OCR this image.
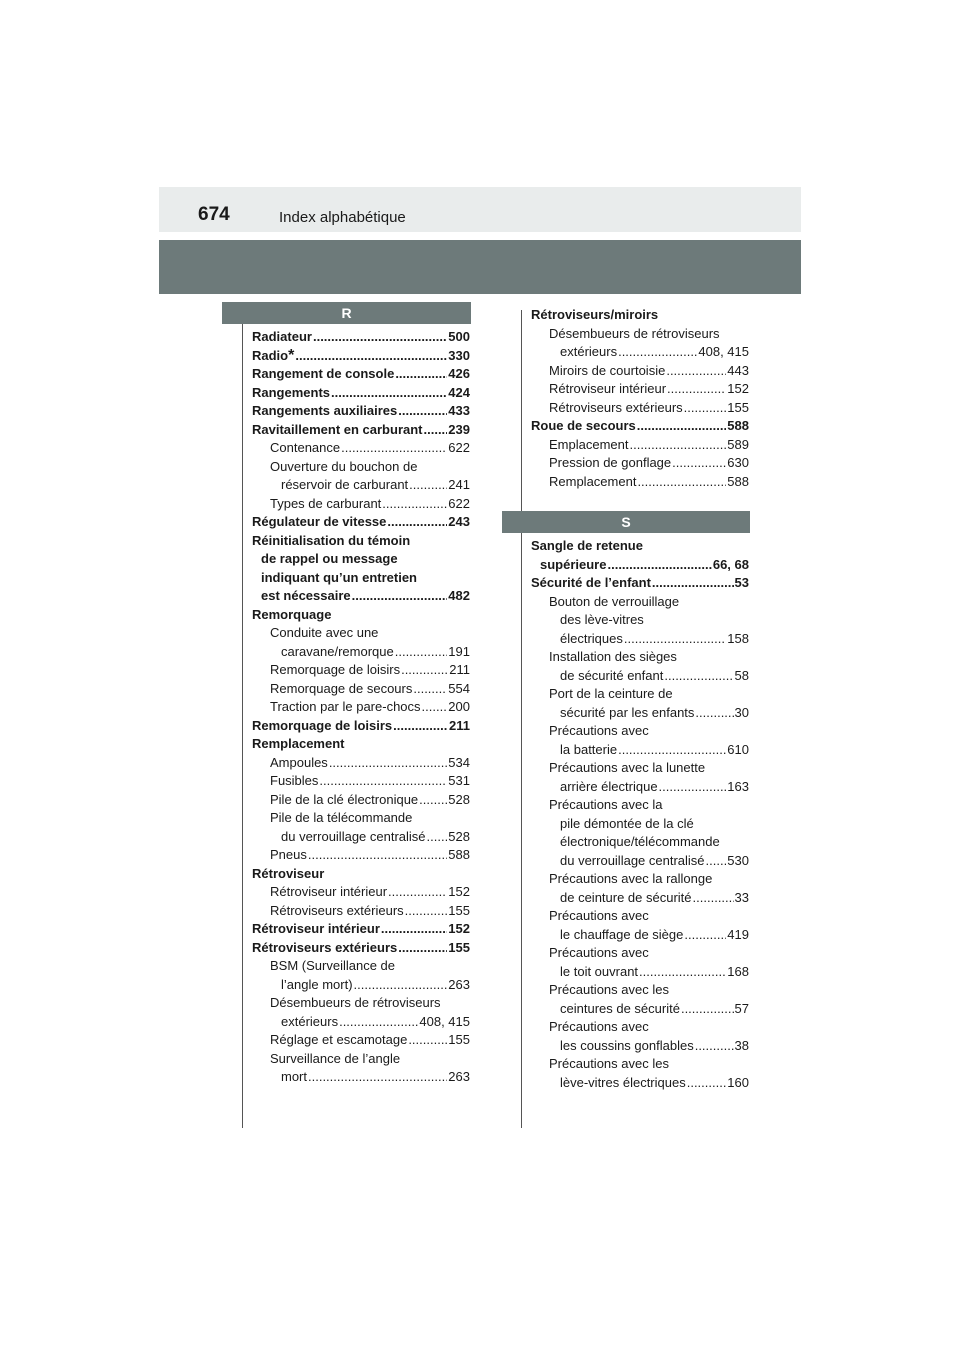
674	Index alphabétique
R
S
Radiateur .....	500
Radio * .....	330
Rangement de console .....	426
Rangements .....	424
Rangements auxiliaires .....	433
Ravitaillement en carburant ..... 239
Contenance .....	622
Ouverture du bouchon de
réservoir de carburant .....	241
Types de carburant .....	622
Régulateur de vitesse .....	243
Réinitialisation du témoin
de rappel ou message
indiquant qu’un entretien
est nécessaire .....	482
Remorquage
Conduite avec une
caravane/remorque .....	191
Remorquage de loisirs .....	211
Remorquage de secours .....	554
Traction par le pare-chocs ..... 200
Remorquage de loisirs .....	211
Remplacement
Ampoules .....	534
Fusibles .....	531
Pile de la clé électronique ..... 528
Pile de la télécommande
du verrouillage centralisé ..... 528
Pneus .....	588
Rétroviseur
Rétroviseur intérieur .....	152
Rétroviseurs extérieurs .....	155
Rétroviseur intérieur .....	152
Rétroviseurs extérieurs .....	155
BSM (Surveillance de
l’angle mort) .....	263
Désembueurs de rétroviseurs
extérieurs .....	408, 415
Réglage et escamotage .....	155
Surveillance de l’angle
mort .....	263
Rétroviseurs/miroirs
Désembueurs de rétroviseurs
extérieurs .....	408, 415
Miroirs de courtoisie .....	443
Rétroviseur intérieur .....	152
Rétroviseurs extérieurs .....	155
Roue de secours .....	588
Emplacement .....	589
Pression de gonflage .....	630
Remplacement .....	588
Sangle de retenue
supérieure .....	66, 68
Sécurité de l’enfant .....	53
Bouton de verrouillage
des lève-vitres
électriques .....	158
Installation des sièges
de sécurité enfant .....	58
Port de la ceinture de
sécurité par les enfants .....	30
Précautions avec
la batterie .....	610
Précautions avec la lunette
arrière électrique .....	163
Précautions avec la
pile démontée de la clé
électronique/télécommande
du verrouillage centralisé ..... 530
Précautions avec la rallonge
de ceinture de sécurité .....	33
Précautions avec
le chauffage de siège .....	419
Précautions avec
le toit ouvrant .....	168
Précautions avec les
ceintures de sécurité .....	57
Précautions avec
les coussins gonflables .....	38
Précautions avec les
lève-vitres électriques .....	160
